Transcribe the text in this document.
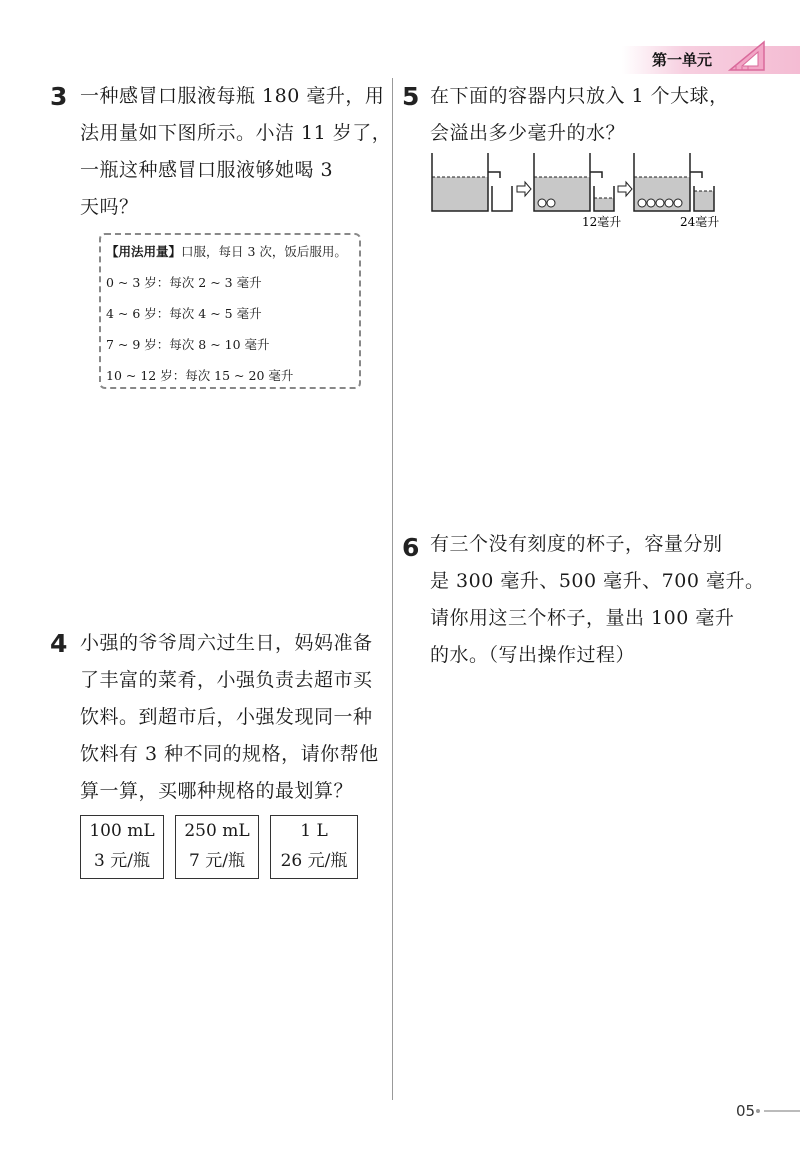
第一单元
3 一种感冒口服液每瓶 180 毫升，用
法用量如下图所示。小洁 11 岁了，
一瓶这种感冒口服液够她喝 3
天吗？
【用法用量】口服，每日 3 次，饭后服用。
0 ~ 3 岁：每次 2 ~ 3 毫升
4 ~ 6 岁：每次 4 ~ 5 毫升
7 ~ 9 岁：每次 8 ~ 10 毫升
10 ~ 12 岁：每次 15 ~ 20 毫升
4 小强的爷爷周六过生日，妈妈准备
了丰富的菜肴，小强负责去超市买
饮料。到超市后，小强发现同一种
饮料有 3 种不同的规格，请你帮他
算一算，买哪种规格的最划算？
100 mL
3 元/瓶
250 mL
7 元/瓶
1 L
26 元/瓶
5 在下面的容器内只放入 1 个大球，
会溢出多少毫升的水？
12毫升	24毫升
6 有三个没有刻度的杯子，容量分别
是 300 毫升、500 毫升、700 毫升。
请你用这三个杯子，量出 100 毫升
的水。（写出操作过程）
05
